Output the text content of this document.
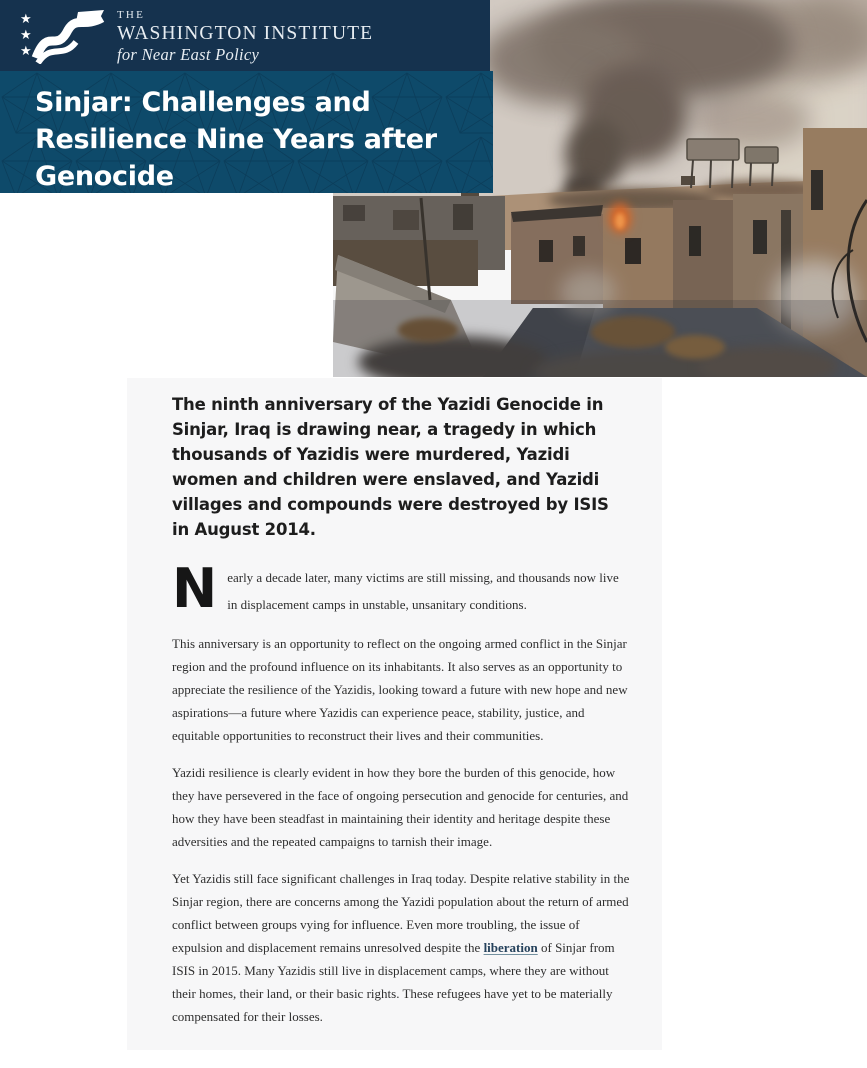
★
★
★
THE
WASHINGTON INSTITUTE
for Near East Policy
Sinjar: Challenges and
Resilience Nine Years after
Genocide

The ninth anniversary of the Yazidi Genocide in Sinjar, Iraq is drawing near, a tragedy in which thousands of Yazidis were murdered, Yazidi women and children were enslaved, and Yazidi villages and compounds were destroyed by ISIS in August 2014.

N early a decade later, many victims are still missing, and thousands now live in displacement camps in unstable, unsanitary conditions.

This anniversary is an opportunity to reflect on the ongoing armed conflict in the Sinjar region and the profound influence on its inhabitants. It also serves as an opportunity to appreciate the resilience of the Yazidis, looking toward a future with new hope and new aspirations—a future where Yazidis can experience peace, stability, justice, and equitable opportunities to reconstruct their lives and their communities.

Yazidi resilience is clearly evident in how they bore the burden of this genocide, how they have persevered in the face of ongoing persecution and genocide for centuries, and how they have been steadfast in maintaining their identity and heritage despite these adversities and the repeated campaigns to tarnish their image.

Yet Yazidis still face significant challenges in Iraq today. Despite relative stability in the Sinjar region, there are concerns among the Yazidi population about the return of armed conflict between groups vying for influence. Even more troubling, the issue of expulsion and displacement remains unresolved despite the liberation of Sinjar from ISIS in 2015. Many Yazidis still live in displacement camps, where they are without their homes, their land, or their basic rights. These refugees have yet to be materially compensated for their losses.
